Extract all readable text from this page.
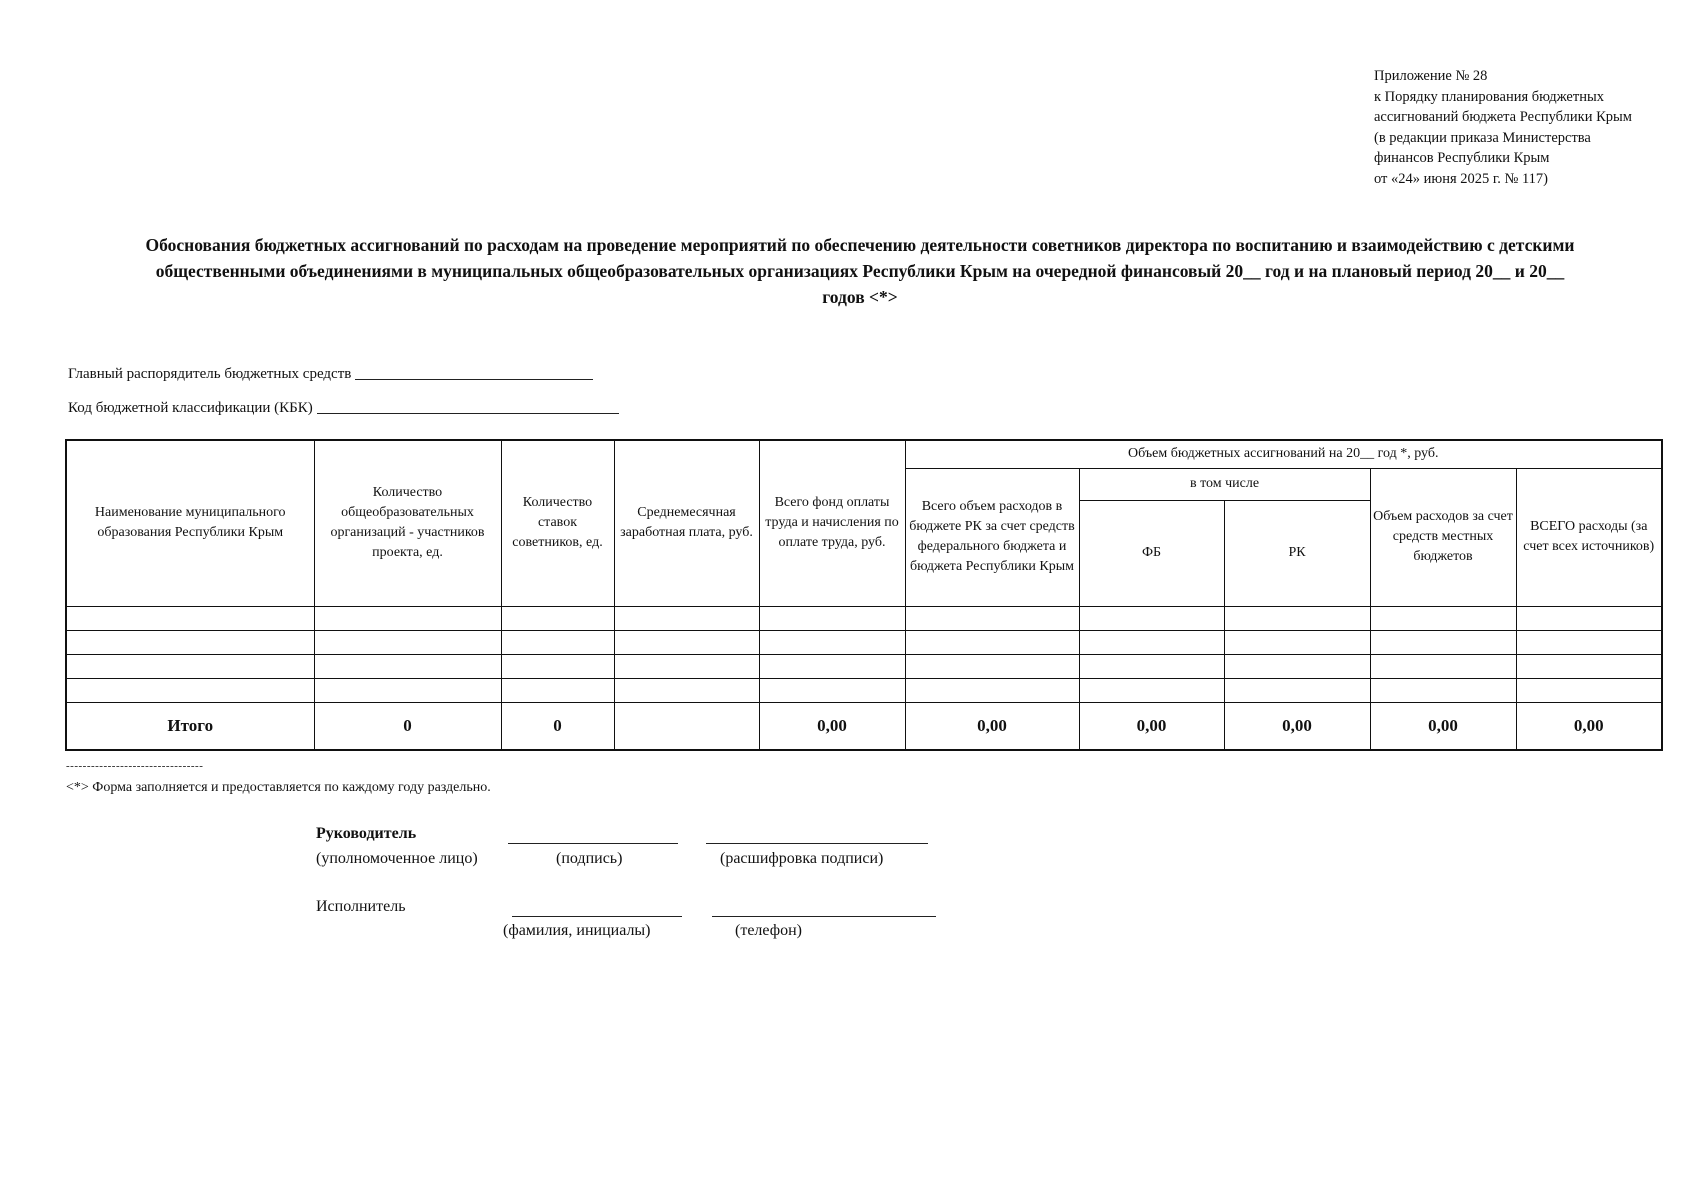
Приложение № 28
к Порядку планирования бюджетных
ассигнований бюджета Республики Крым
(в редакции приказа Министерства
финансов Республики Крым
от «24» июня 2025 г. № 117)
Обоснования бюджетных ассигнований по расходам на проведение мероприятий по обеспечению деятельности советников директора по воспитанию и взаимодействию с детскими
общественными объединениями в муниципальных общеобразовательных организациях Республики Крым на очередной финансовый 20__ год и на плановый период 20__ и 20__
годов <*>
Главный распорядитель бюджетных средств
Код бюджетной классификации (КБК)
Наименование муниципального образования Республики Крым	Количество общеобразовательных организаций - участников проекта, ед.	Количество ставок советников, ед.	Среднемесячная заработная плата, руб.	Всего фонд оплаты труда и начисления по оплате труда, руб.	Объем бюджетных ассигнований на 20__ год *, руб.				
					Всего объем расходов в бюджете РК за счет средств федерального бюджета и бюджета Республики Крым	в том числе		Объем расходов за счет средств местных бюджетов	ВСЕГО расходы (за счет всех источников)
						ФБ	РК		

Итого	0	0		0,00	0,00	0,00	0,00	0,00	0,00
---------------------------------
<*> Форма заполняется и предоставляется по каждому году раздельно.
Руководитель
(уполномоченное лицо)	(подпись)	(расшифровка подписи)
Исполнитель
(фамилия, инициалы)	(телефон)
